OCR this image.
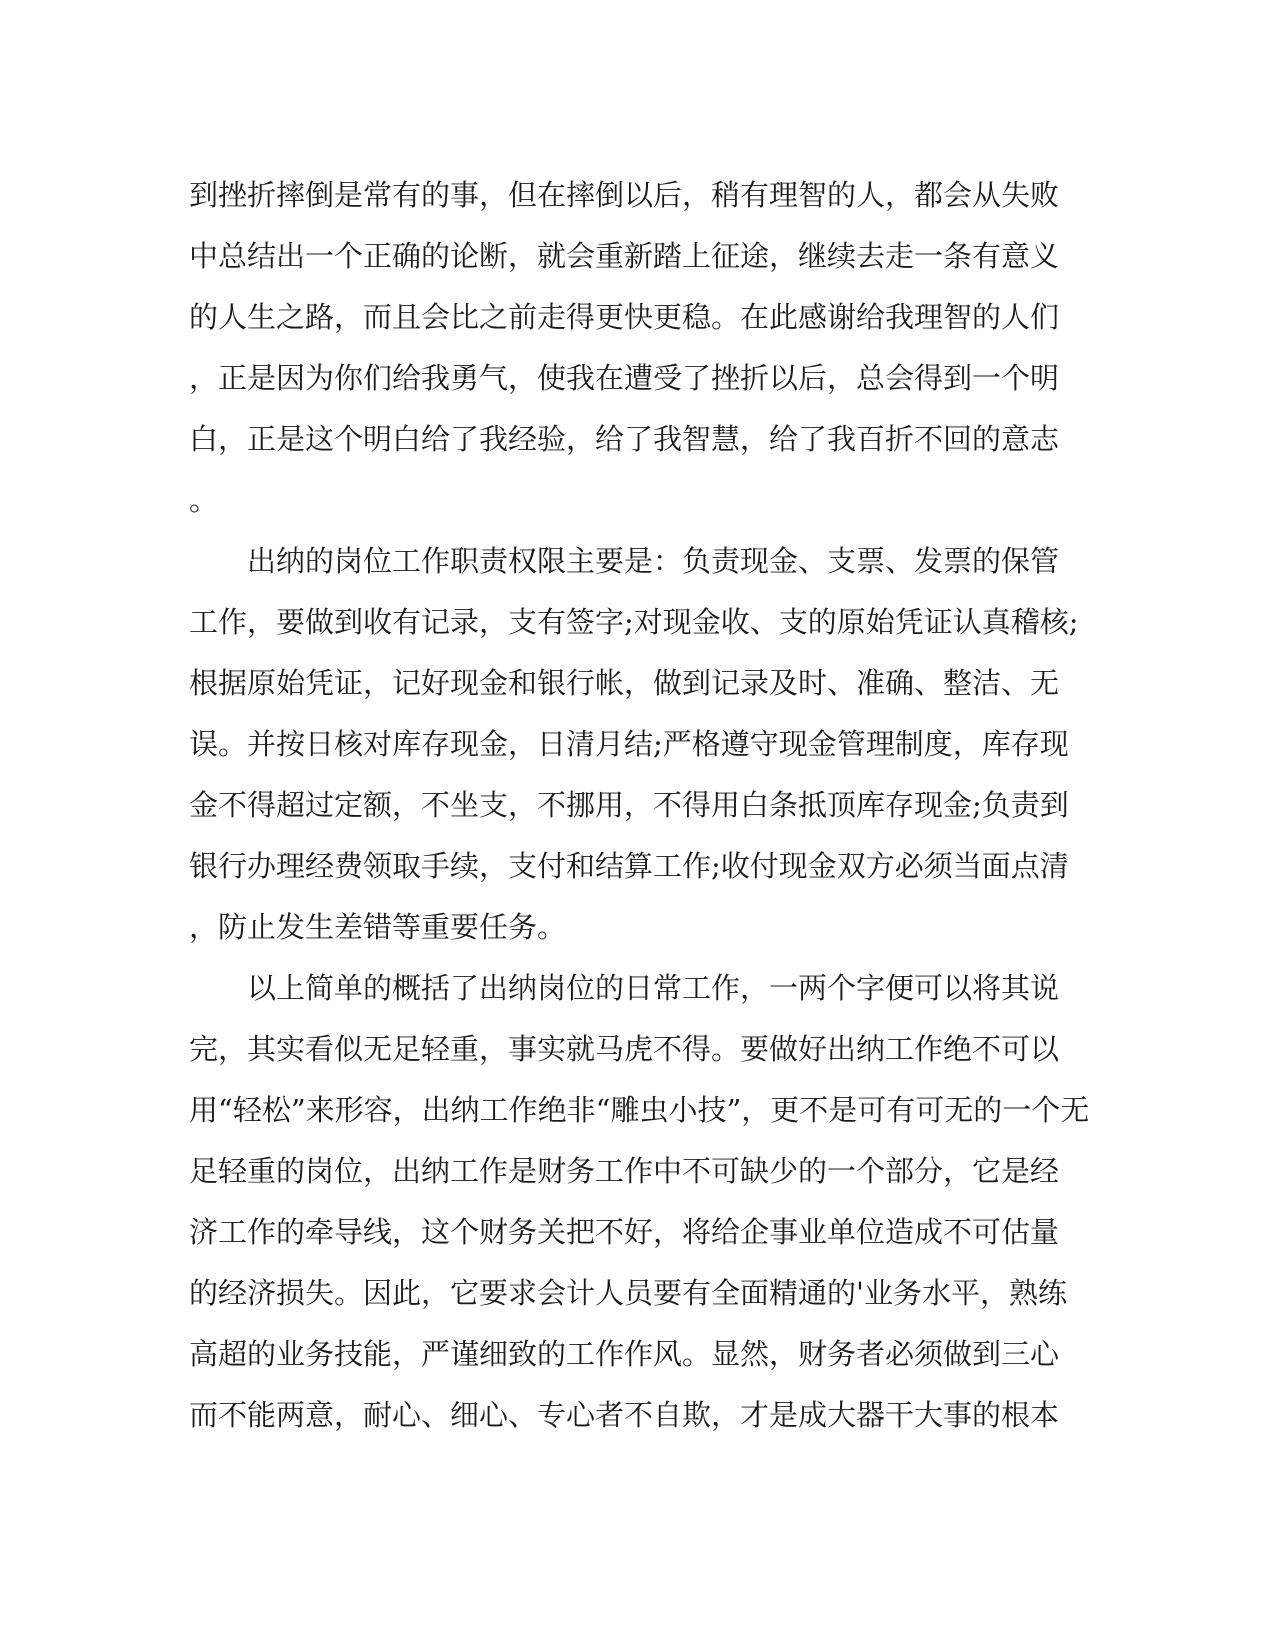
到挫折摔倒是常有的事，但在摔倒以后，稍有理智的人，都会从失败
中总结出一个正确的论断，就会重新踏上征途，继续去走一条有意义
的人生之路，而且会比之前走得更快更稳。在此感谢给我理智的人们
，正是因为你们给我勇气，使我在遭受了挫折以后，总会得到一个明
白，正是这个明白给了我经验，给了我智慧，给了我百折不回的意志
。
　　出纳的岗位工作职责权限主要是：负责现金、支票、发票的保管
工作，要做到收有记录，支有签字;对现金收、支的原始凭证认真稽核;
根据原始凭证，记好现金和银行帐，做到记录及时、准确、整洁、无
误。并按日核对库存现金，日清月结;严格遵守现金管理制度，库存现
金不得超过定额，不坐支，不挪用，不得用白条抵顶库存现金;负责到
银行办理经费领取手续，支付和结算工作;收付现金双方必须当面点清
，防止发生差错等重要任务。
　　以上简单的概括了出纳岗位的日常工作，一两个字便可以将其说
完，其实看似无足轻重，事实就马虎不得。要做好出纳工作绝不可以
用“轻松”来形容，出纳工作绝非“雕虫小技”，更不是可有可无的一个无
足轻重的岗位，出纳工作是财务工作中不可缺少的一个部分，它是经
济工作的牵导线，这个财务关把不好，将给企事业单位造成不可估量
的经济损失。因此，它要求会计人员要有全面精通的'业务水平，熟练
高超的业务技能，严谨细致的工作作风。显然，财务者必须做到三心
而不能两意，耐心、细心、专心者不自欺，才是成大器干大事的根本
